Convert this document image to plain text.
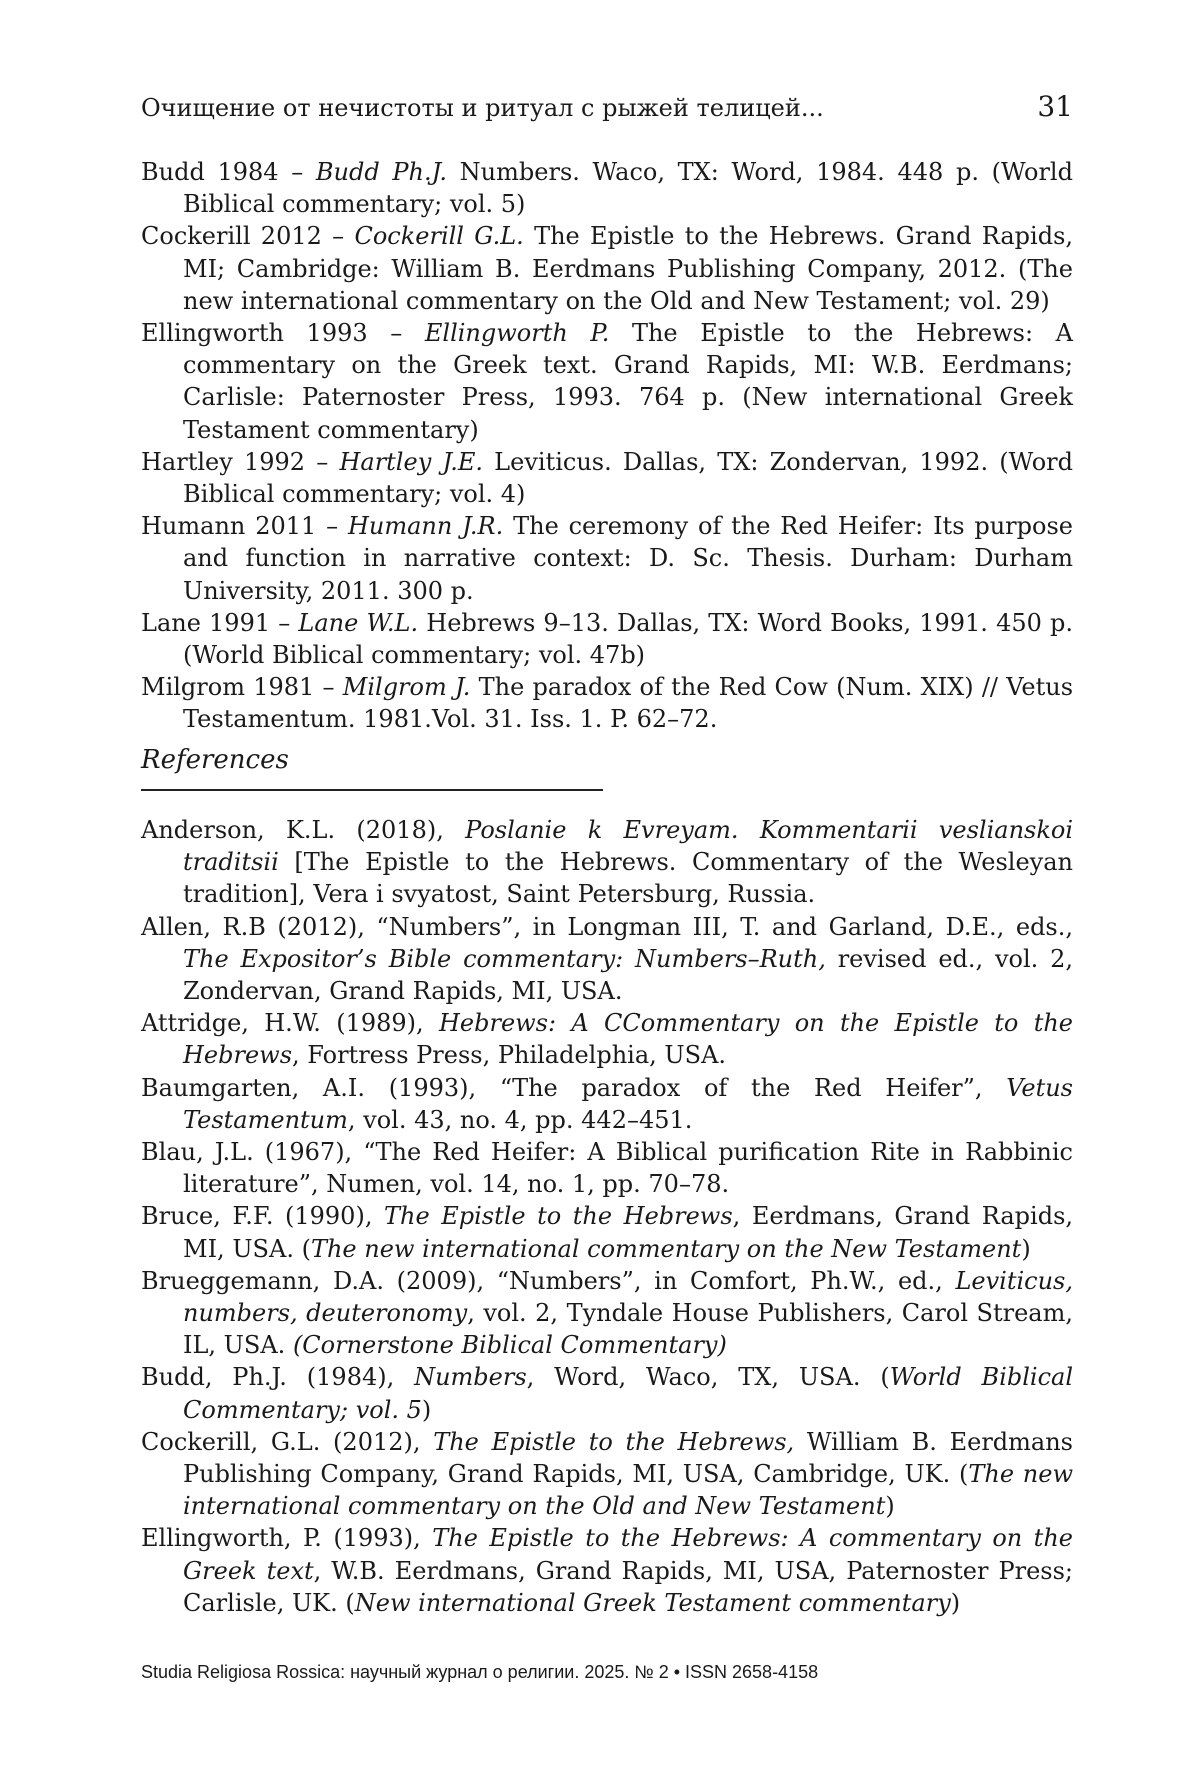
Очищение от нечистоты и ритуал с рыжей телицей...	31

Budd 1984 – Budd Ph.J. Numbers. Waco, TX: Word, 1984. 448 p. (World Biblical commentary; vol. 5)

Cockerill 2012 – Cockerill G.L. The Epistle to the Hebrews. Grand Rapids, MI; Cambridge: William B. Eerdmans Publishing Company, 2012. (The new international commentary on the Old and New Testament; vol. 29)

Ellingworth 1993 – Ellingworth P. The Epistle to the Hebrews: A commentary on the Greek text. Grand Rapids, MI: W.B. Eerdmans; Carlisle: Paternoster Press, 1993. 764 p. (New international Greek Testament commentary)

Hartley 1992 – Hartley J.E. Leviticus. Dallas, TX: Zondervan, 1992. (Word Biblical commentary; vol. 4)

Humann 2011 – Humann J.R. The ceremony of the Red Heifer: Its purpose and function in narrative context: D. Sc. Thesis. Durham: Durham University, 2011. 300 p.

Lane 1991 – Lane W.L. Hebrews 9–13. Dallas, TX: Word Books, 1991. 450 p. (World Biblical commentary; vol. 47b)

Milgrom 1981 – Milgrom J. The paradox of the Red Cow (Num. XIX) // Vetus Testamentum. 1981.Vol. 31. Iss. 1. P. 62–72.

References

Anderson, K.L. (2018), Poslanie k Evreyam. Kommentarii veslianskoi traditsii [The Epistle to the Hebrews. Commentary of the Wesleyan tradition], Vera i svyatost, Saint Petersburg, Russia.

Allen, R.B (2012), “Numbers”, in Longman III, T. and Garland, D.E., eds., The Expositor’s Bible commentary: Numbers–Ruth, revised ed., vol. 2, Zondervan, Grand Rapids, MI, USA.

Attridge, H.W. (1989), Hebrews: A CCommentary on the Epistle to the Hebrews, Fortress Press, Philadelphia, USA.

Baumgarten, A.I. (1993), “The paradox of the Red Heifer”, Vetus Testamentum, vol. 43, no. 4, pp. 442–451.

Blau, J.L. (1967), “The Red Heifer: A Biblical purification Rite in Rabbinic literature”, Numen, vol. 14, no. 1, pp. 70–78.

Bruce, F.F. (1990), The Epistle to the Hebrews, Eerdmans, Grand Rapids, MI, USA. (The new international commentary on the New Testament)

Brueggemann, D.A. (2009), “Numbers”, in Comfort, Ph.W., ed., Leviticus, numbers, deuteronomy, vol. 2, Tyndale House Publishers, Carol Stream, IL, USA. (Cornerstone Biblical Commentary)

Budd, Ph.J. (1984), Numbers, Word, Waco, TX, USA. (World Biblical Commentary; vol. 5)

Cockerill, G.L. (2012), The Epistle to the Hebrews, William B. Eerdmans Publishing Company, Grand Rapids, MI, USA, Cambridge, UK. (The new international commentary on the Old and New Testament)

Ellingworth, P. (1993), The Epistle to the Hebrews: A commentary on the Greek text, W.B. Eerdmans, Grand Rapids, MI, USA, Paternoster Press; Carlisle, UK. (New international Greek Testament commentary)

Studia Religiosa Rossica: научный журнал о религии. 2025. № 2 • ISSN 2658-4158
